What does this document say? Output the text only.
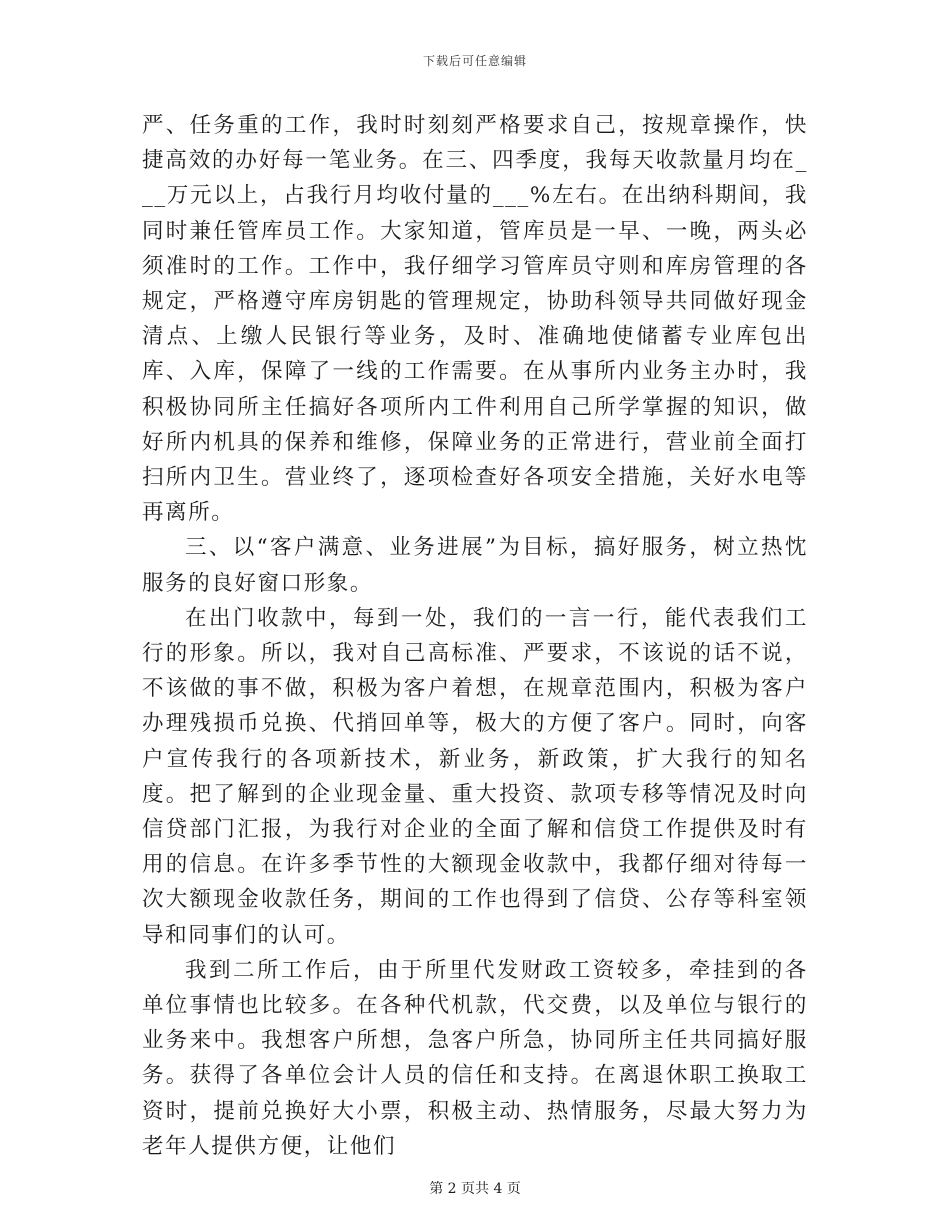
下载后可任意编辑

严、任务重的工作，我时时刻刻严格要求自己，按规章操作，快捷高效的办好每一笔业务。在三、四季度，我每天收款量月均在___万元以上，占我行月均收付量的___%左右。在出纳科期间，我同时兼任管库员工作。大家知道，管库员是一早、一晚，两头必须准时的工作。工作中，我仔细学习管库员守则和库房管理的各规定，严格遵守库房钥匙的管理规定，协助科领导共同做好现金清点、上缴人民银行等业务，及时、准确地使储蓄专业库包出库、入库，保障了一线的工作需要。在从事所内业务主办时，我积极协同所主任搞好各项所内工件利用自己所学掌握的知识，做好所内机具的保养和维修，保障业务的正常进行，营业前全面打扫所内卫生。营业终了，逐项检查好各项安全措施，关好水电等再离所。

三、以“客户满意、业务进展”为目标，搞好服务，树立热忱服务的良好窗口形象。

在出门收款中，每到一处，我们的一言一行，能代表我们工行的形象。所以，我对自己高标准、严要求，不该说的话不说，不该做的事不做，积极为客户着想，在规章范围内，积极为客户办理残损币兑换、代捎回单等，极大的方便了客户。同时，向客户宣传我行的各项新技术，新业务，新政策，扩大我行的知名度。把了解到的企业现金量、重大投资、款项专移等情况及时向信贷部门汇报，为我行对企业的全面了解和信贷工作提供及时有用的信息。在许多季节性的大额现金收款中，我都仔细对待每一次大额现金收款任务，期间的工作也得到了信贷、公存等科室领导和同事们的认可。

我到二所工作后，由于所里代发财政工资较多，牵挂到的各单位事情也比较多。在各种代机款，代交费，以及单位与银行的业务来中。我想客户所想，急客户所急，协同所主任共同搞好服务。获得了各单位会计人员的信任和支持。在离退休职工换取工资时，提前兑换好大小票，积极主动、热情服务，尽最大努力为老年人提供方便，让他们

第 2 页共 4 页
